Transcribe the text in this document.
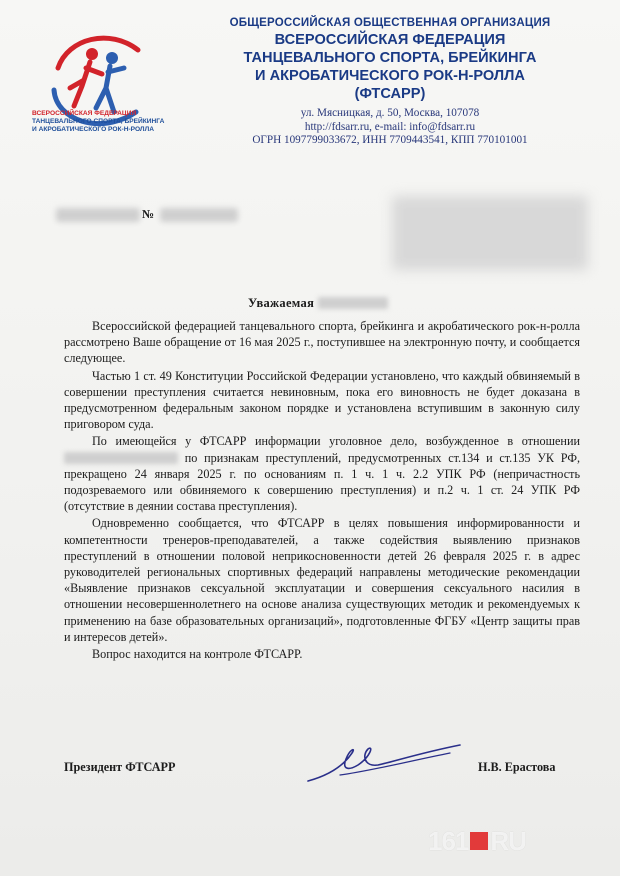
ВСЕРОССИЙСКАЯ ФЕДЕРАЦИЯ
ТАНЦЕВАЛЬНОГО СПОРТА, БРЕЙКИНГА
И АКРОБАТИЧЕСКОГО РОК-Н-РОЛЛА
ОБЩЕРОССИЙСКАЯ ОБЩЕСТВЕННАЯ ОРГАНИЗАЦИЯ
ВСЕРОССИЙСКАЯ ФЕДЕРАЦИЯ
ТАНЦЕВАЛЬНОГО СПОРТА, БРЕЙКИНГА
И АКРОБАТИЧЕСКОГО РОК-Н-РОЛЛА
(ФТСАРР)
ул. Мясницкая, д. 50, Москва, 107078
http://fdsarr.ru, e-mail: info@fdsarr.ru
ОГРН 1097799033672, ИНН 7709443541, КПП 770101001
№
Уважаемая

Всероссийской федерацией танцевального спорта, брейкинга и акробатического рок-н-ролла рассмотрено Ваше обращение от 16 мая 2025 г., поступившее на электронную почту, и сообщается следующее.

Частью 1 ст. 49 Конституции Российской Федерации установлено, что каждый обвиняемый в совершении преступления считается невиновным, пока его виновность не будет доказана в предусмотренном федеральным законом порядке и установлена вступившим в законную силу приговором суда.

По имеющейся у ФТСАРР информации уголовное дело, возбужденное в отношении  по признакам преступлений, предусмотренных ст.134 и ст.135 УК РФ, прекращено 24 января 2025 г. по основаниям п. 1 ч. 1 ч. 2.2 УПК РФ (непричастность подозреваемого или обвиняемого к совершению преступления) и п.2 ч. 1 ст. 24 УПК РФ (отсутствие в деянии состава преступления).

Одновременно сообщается, что ФТСАРР в целях повышения информированности и компетентности тренеров-преподавателей, а также содействия выявлению признаков преступлений в отношении половой неприкосновенности детей 26 февраля 2025 г. в адрес руководителей региональных спортивных федераций направлены методические рекомендации «Выявление признаков сексуальной эксплуатации и совершения сексуального насилия в отношении несовершеннолетнего на основе анализа существующих методик и рекомендуемых к применению на базе образовательных организаций», подготовленные ФГБУ «Центр защиты прав и интересов детей».

Вопрос находится на контроле ФТСАРР.

Президент ФТСАРР	Н.В. Ерастова
161 RU
